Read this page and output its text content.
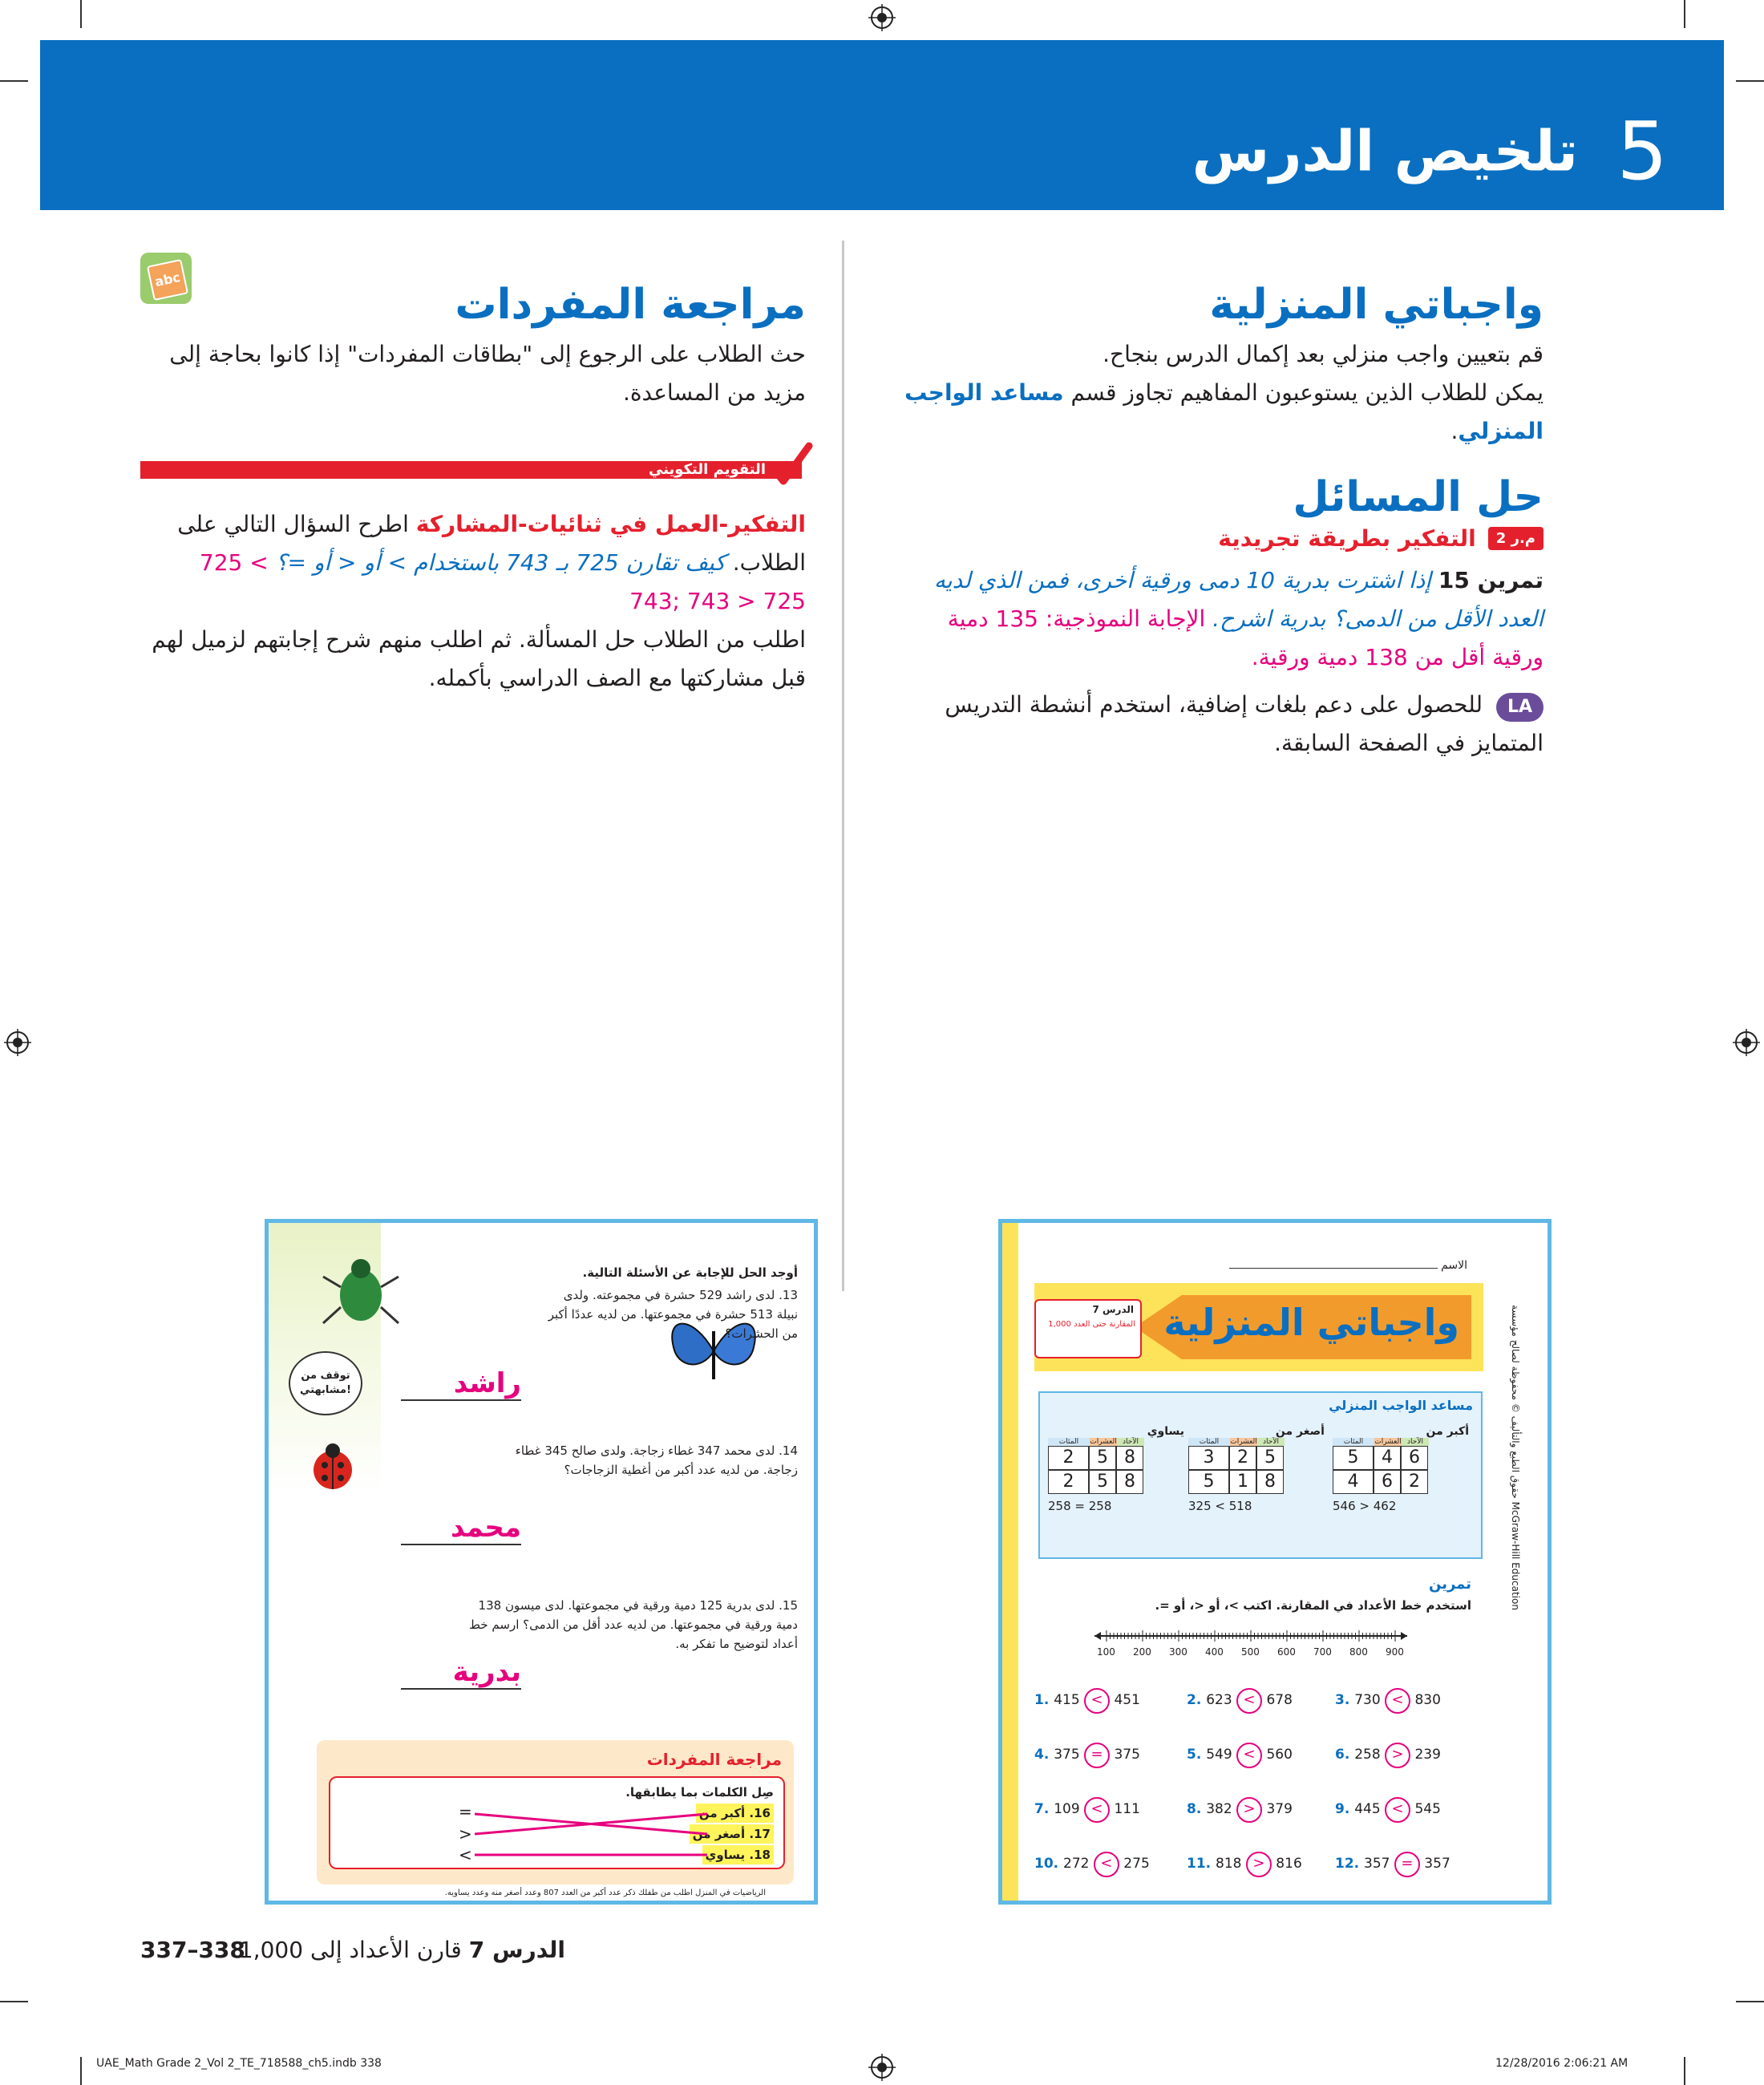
5 تلخيص الدرس
واجباتي المنزلية
قم بتعيين واجب منزلي بعد إكمال الدرس بنجاح.
يمكن للطلاب الذين يستوعبون المفاهيم تجاوز قسم مساعد الواجب المنزلي.
حل المسائل
م.ر 2 التفكير بطريقة تجريدية
تمرين 15 إذا اشترت بدرية 10 دمى ورقية أخرى، فمن الذي لديه العدد الأقل من الدمى؟ بدرية اشرح. الإجابة النموذجية: 135 دمية ورقية أقل من 138 دمية ورقية.
LA للحصول على دعم بلغات إضافية، استخدم أنشطة التدريس المتمايز في الصفحة السابقة.
مراجعة المفردات
abc
حث الطلاب على الرجوع إلى "بطاقات المفردات" إذا كانوا بحاجة إلى مزيد من المساعدة.
التقويم التكويني
التفكير-العمل في ثنائيات-المشاركة اطرح السؤال التالي على الطلاب. كيف تقارن 725 بـ 743 باستخدام > أو < أو =؟ 725 < 743; 743 > 725
اطلب من الطلاب حل المسألة. ثم اطلب منهم شرح إجابتهم لزميل لهم قبل مشاركتها مع الصف الدراسي بأكمله.
توقف من مشابهتي!
أوجد الحل للإجابة عن الأسئلة التالية.
13. لدى راشد 529 حشرة في مجموعته. ولدى نبيلة 513 حشرة في مجموعتها. من لديه عددًا أكبر من الحشرات؟
راشد
14. لدى محمد 347 غطاء زجاجة. ولدى صالح 345 غطاء زجاجة. من لديه عدد أكبر من أغطية الزجاجات؟
محمد
15. لدى بدرية 125 دمية ورقية في مجموعتها. لدى ميسون 138 دمية ورقية في مجموعتها. من لديه عدد أقل من الدمى؟ ارسم خط أعداد لتوضيح ما تفكر به.
بدرية
مراجعة المفردات
صِل الكلمات بما يطابقها.
16. أكبر من
17. أصغر من
18. يساوي
=
>
<
الرياضيات في المنزل اطلب من طفلك ذكر عدد أكبر من العدد 807 وعدد أصغر منه وعدد يساويه.
الاسم
واجباتي المنزلية
الدرس 7
المقارنة حتى العدد 1,000	حقوق الطبع والتأليف © محفوظة لصالح مؤسسة McGraw-Hill Education
مساعد الواجب المنزلي
أكبر من
المئات	العشرات الآحاد
5 4 6
4 6 2
546 > 462
أصغر من
المئات	العشرات الآحاد
3 2 5
5 1 8
325 < 518
يساوي
المئات	العشرات الآحاد
2 5 8
2 5 8
258 = 258
تمرين
استخدم خط الأعداد في المقارنة. اكتب >، أو <، أو =.
100 200 300 400 500 600 700 800 900
1. 415 < 451	2. 623 < 678	3. 730 < 830
4. 375 = 375	5. 549 < 560	6. 258 > 239
7. 109 < 111	8. 382 > 379	9. 445 < 545
10. 272 < 275	11. 818 > 816 12. 357 = 357
337–338	الدرس 7 قارن الأعداد إلى 1,000
UAE_Math Grade 2_Vol 2_TE_718588_ch5.indb 338	12/28/2016 2:06:21 AM
